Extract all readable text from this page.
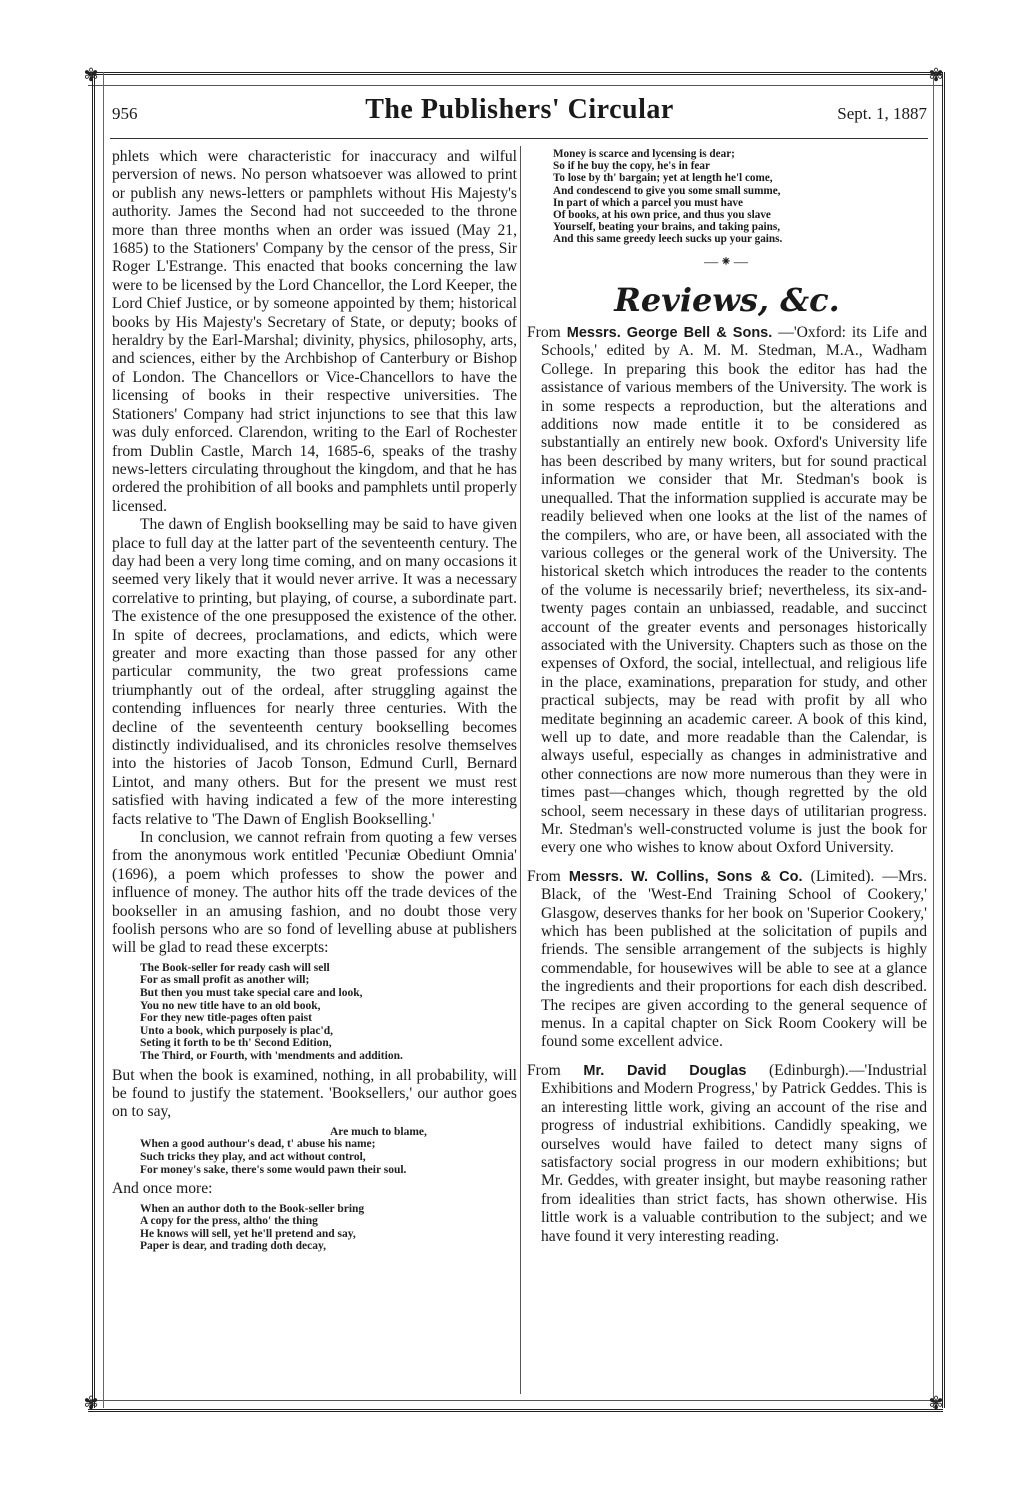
✾	✾
✾	✾
956	The Publishers' Circular	Sept. 1, 1887

phlets which were characteristic for inaccuracy and wilful perversion of news. No person whatsoever was allowed to print or publish any news-letters or pamphlets without His Majesty's authority. James the Second had not succeeded to the throne more than three months when an order was issued (May 21, 1685) to the Stationers' Company by the censor of the press, Sir Roger L'Estrange. This enacted that books concerning the law were to be licensed by the Lord Chancellor, the Lord Keeper, the Lord Chief Justice, or by someone appointed by them; historical books by His Majesty's Secretary of State, or deputy; books of heraldry by the Earl-Marshal; divinity, physics, philosophy, arts, and sciences, either by the Archbishop of Canterbury or Bishop of London. The Chancellors or Vice-Chancellors to have the licensing of books in their respective universities. The Stationers' Company had strict injunctions to see that this law was duly enforced. Clarendon, writing to the Earl of Rochester from Dublin Castle, March 14, 1685-6, speaks of the trashy news-letters circulating throughout the kingdom, and that he has ordered the prohibition of all books and pamphlets until properly licensed.

The dawn of English bookselling may be said to have given place to full day at the latter part of the seventeenth century. The day had been a very long time coming, and on many occasions it seemed very likely that it would never arrive. It was a necessary correlative to printing, but playing, of course, a subordinate part. The existence of the one presupposed the existence of the other. In spite of decrees, proclamations, and edicts, which were greater and more exacting than those passed for any other particular community, the two great professions came triumphantly out of the ordeal, after struggling against the contending influences for nearly three centuries. With the decline of the seventeenth century bookselling becomes distinctly individualised, and its chronicles resolve themselves into the histories of Jacob Tonson, Edmund Curll, Bernard Lintot, and many others. But for the present we must rest satisfied with having indicated a few of the more interesting facts relative to 'The Dawn of English Bookselling.'

In conclusion, we cannot refrain from quoting a few verses from the anonymous work entitled 'Pecuniæ Obediunt Omnia' (1696), a poem which professes to show the power and influence of money. The author hits off the trade devices of the bookseller in an amusing fashion, and no doubt those very foolish persons who are so fond of levelling abuse at publishers will be glad to read these excerpts:

The Book-seller for ready cash will sell
For as small profit as another will;
But then you must take special care and look,
You no new title have to an old book,
For they new title-pages often paist
Unto a book, which purposely is plac'd,
Seting it forth to be th' Second Edition,
The Third, or Fourth, with 'mendments and addition.

But when the book is examined, nothing, in all probability, will be found to justify the statement. 'Booksellers,' our author goes on to say,

Are much to blame,
When a good authour's dead, t' abuse his name;
Such tricks they play, and act without control,
For money's sake, there's some would pawn their soul.

And once more:

When an author doth to the Book-seller bring
A copy for the press, altho' the thing
He knows will sell, yet he'll pretend and say,
Paper is dear, and trading doth decay,
Money is scarce and lycensing is dear;
So if he buy the copy, he's in fear
To lose by th' bargain; yet at length he'l come,
And condescend to give you some small summe,
In part of which a parcel you must have
Of books, at his own price, and thus you slave
Yourself, beating your brains, and taking pains,
And this same greedy leech sucks up your gains.
—⁕—
Reviews, &c.
From Messrs. George Bell & Sons. —'Oxford: its Life and Schools,' edited by A. M. M. Stedman, M.A., Wadham College. In preparing this book the editor has had the assistance of various members of the University. The work is in some respects a reproduction, but the alterations and additions now made entitle it to be considered as substantially an entirely new book. Oxford's University life has been described by many writers, but for sound practical information we consider that Mr. Stedman's book is unequalled. That the information supplied is accurate may be readily believed when one looks at the list of the names of the compilers, who are, or have been, all associated with the various colleges or the general work of the University. The historical sketch which introduces the reader to the contents of the volume is necessarily brief; nevertheless, its six-and-twenty pages contain an unbiassed, readable, and succinct account of the greater events and personages historically associated with the University. Chapters such as those on the expenses of Oxford, the social, intellectual, and religious life in the place, examinations, preparation for study, and other practical subjects, may be read with profit by all who meditate beginning an academic career. A book of this kind, well up to date, and more readable than the Calendar, is always useful, especially as changes in administrative and other connections are now more numerous than they were in times past—changes which, though regretted by the old school, seem necessary in these days of utilitarian progress. Mr. Stedman's well-constructed volume is just the book for every one who wishes to know about Oxford University.
From Messrs. W. Collins, Sons & Co. (Limited). —Mrs. Black, of the 'West-End Training School of Cookery,' Glasgow, deserves thanks for her book on 'Superior Cookery,' which has been published at the solicitation of pupils and friends. The sensible arrangement of the subjects is highly commendable, for housewives will be able to see at a glance the ingredients and their proportions for each dish described. The recipes are given according to the general sequence of menus. In a capital chapter on Sick Room Cookery will be found some excellent advice.
From Mr. David Douglas (Edinburgh).—'Industrial Exhibitions and Modern Progress,' by Patrick Geddes. This is an interesting little work, giving an account of the rise and progress of industrial exhibitions. Candidly speaking, we ourselves would have failed to detect many signs of satisfactory social progress in our modern exhibitions; but Mr. Geddes, with greater insight, but maybe reasoning rather from idealities than strict facts, has shown otherwise. His little work is a valuable contribution to the subject; and we have found it very interesting reading.
